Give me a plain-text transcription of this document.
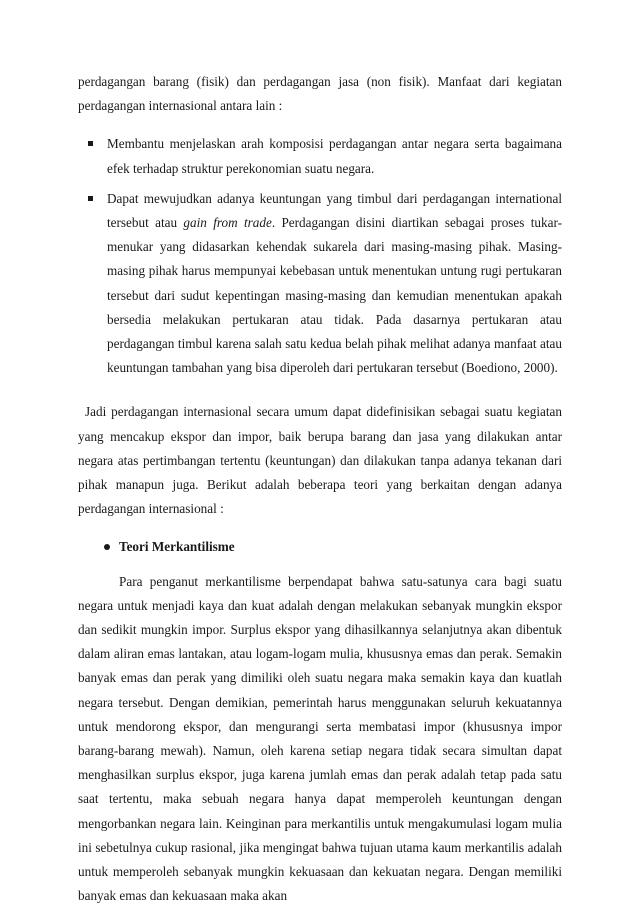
perdagangan barang (fisik) dan perdagangan jasa (non fisik). Manfaat dari kegiatan perdagangan internasional antara lain :

Membantu menjelaskan arah komposisi perdagangan antar negara serta bagaimana efek terhadap struktur perekonomian suatu negara.
Dapat mewujudkan adanya keuntungan yang timbul dari perdagangan international tersebut atau gain from trade. Perdagangan disini diartikan sebagai proses tukar-menukar yang didasarkan kehendak sukarela dari masing-masing pihak. Masing-masing pihak harus mempunyai kebebasan untuk menentukan untung rugi pertukaran tersebut dari sudut kepentingan masing-masing dan kemudian menentukan apakah bersedia melakukan pertukaran atau tidak. Pada dasarnya pertukaran atau perdagangan timbul karena salah satu kedua belah pihak melihat adanya manfaat atau keuntungan tambahan yang bisa diperoleh dari pertukaran tersebut (Boediono, 2000).

Jadi perdagangan internasional secara umum dapat didefinisikan sebagai suatu kegiatan yang mencakup ekspor dan impor, baik berupa barang dan jasa yang dilakukan antar negara atas pertimbangan tertentu (keuntungan) dan dilakukan tanpa adanya tekanan dari pihak manapun juga. Berikut adalah beberapa teori yang berkaitan dengan adanya perdagangan internasional :

Teori Merkantilisme

Para penganut merkantilisme berpendapat bahwa satu-satunya cara bagi suatu negara untuk menjadi kaya dan kuat adalah dengan melakukan sebanyak mungkin ekspor dan sedikit mungkin impor. Surplus ekspor yang dihasilkannya selanjutnya akan dibentuk dalam aliran emas lantakan, atau logam-logam mulia, khususnya emas dan perak. Semakin banyak emas dan perak yang dimiliki oleh suatu negara maka semakin kaya dan kuatlah negara tersebut. Dengan demikian, pemerintah harus menggunakan seluruh kekuatannya untuk mendorong ekspor, dan mengurangi serta membatasi impor (khususnya impor barang-barang mewah). Namun, oleh karena setiap negara tidak secara simultan dapat menghasilkan surplus ekspor, juga karena jumlah emas dan perak adalah tetap pada satu saat tertentu, maka sebuah negara hanya dapat memperoleh keuntungan dengan mengorbankan negara lain. Keinginan para merkantilis untuk mengakumulasi logam mulia ini sebetulnya cukup rasional, jika mengingat bahwa tujuan utama kaum merkantilis adalah untuk memperoleh sebanyak mungkin kekuasaan dan kekuatan negara. Dengan memiliki banyak emas dan kekuasaan maka akan
